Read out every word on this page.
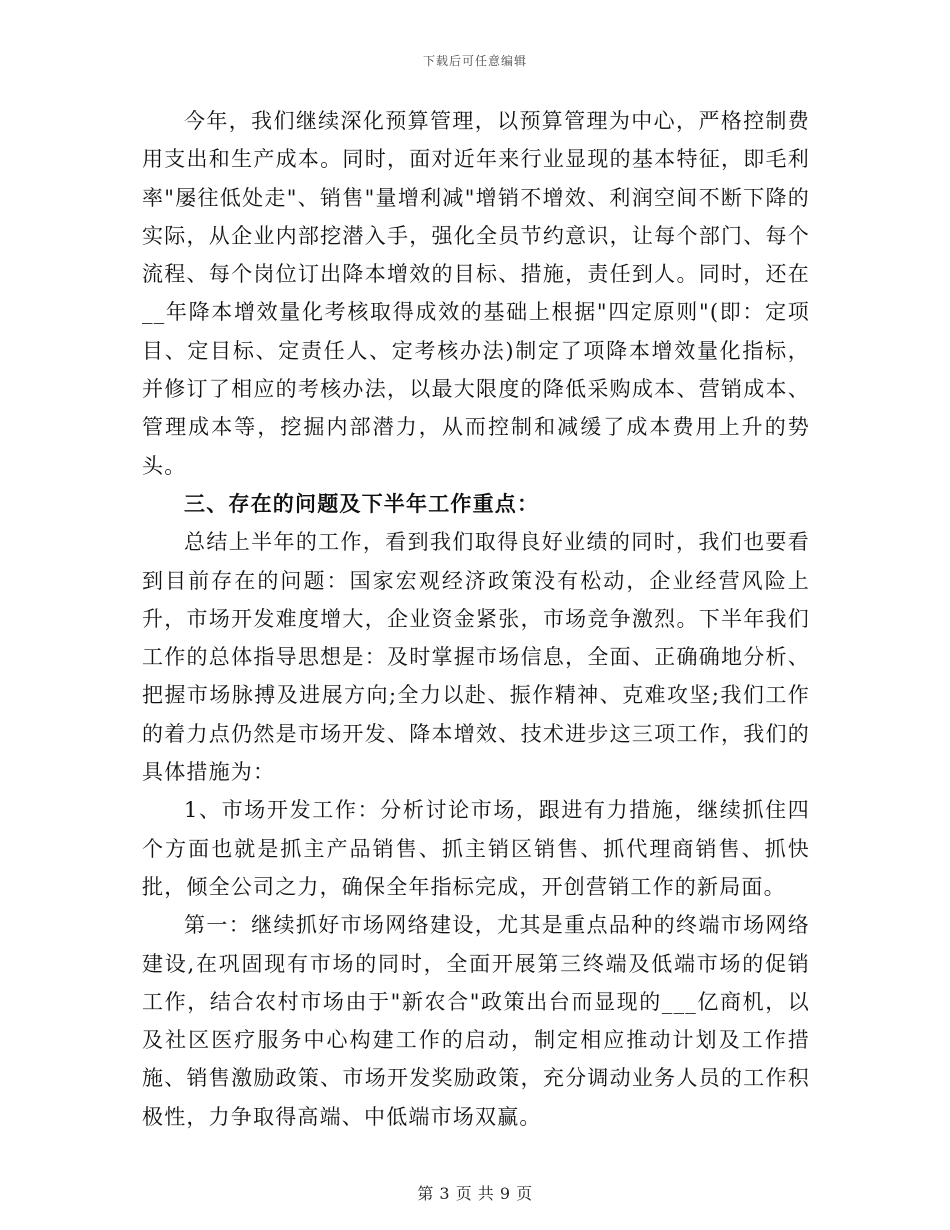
下载后可任意编辑

今年，我们继续深化预算管理，以预算管理为中心，严格控制费用支出和生产成本。同时，面对近年来行业显现的基本特征，即毛利率"屡往低处走"、销售"量增利减"增销不增效、利润空间不断下降的实际，从企业内部挖潜入手，强化全员节约意识，让每个部门、每个流程、每个岗位订出降本增效的目标、措施，责任到人。同时，还在__年降本增效量化考核取得成效的基础上根据"四定原则"(即：定项目、定目标、定责任人、定考核办法)制定了项降本增效量化指标，并修订了相应的考核办法，以最大限度的降低采购成本、营销成本、管理成本等，挖掘内部潜力，从而控制和减缓了成本费用上升的势头。

三、存在的问题及下半年工作重点：

总结上半年的工作，看到我们取得良好业绩的同时，我们也要看到目前存在的问题：国家宏观经济政策没有松动，企业经营风险上升，市场开发难度增大，企业资金紧张，市场竞争激烈。下半年我们工作的总体指导思想是：及时掌握市场信息，全面、正确确地分析、把握市场脉搏及进展方向;全力以赴、振作精神、克难攻坚;我们工作的着力点仍然是市场开发、降本增效、技术进步这三项工作，我们的具体措施为：

1、市场开发工作：分析讨论市场，跟进有力措施，继续抓住四个方面也就是抓主产品销售、抓主销区销售、抓代理商销售、抓快批，倾全公司之力，确保全年指标完成，开创营销工作的新局面。

第一：继续抓好市场网络建设，尤其是重点品种的终端市场网络建设,在巩固现有市场的同时，全面开展第三终端及低端市场的促销工作，结合农村市场由于"新农合"政策出台而显现的___亿商机，以及社区医疗服务中心构建工作的启动，制定相应推动计划及工作措施、销售激励政策、市场开发奖励政策，充分调动业务人员的工作积极性，力争取得高端、中低端市场双赢。

第 3 页 共 9 页
